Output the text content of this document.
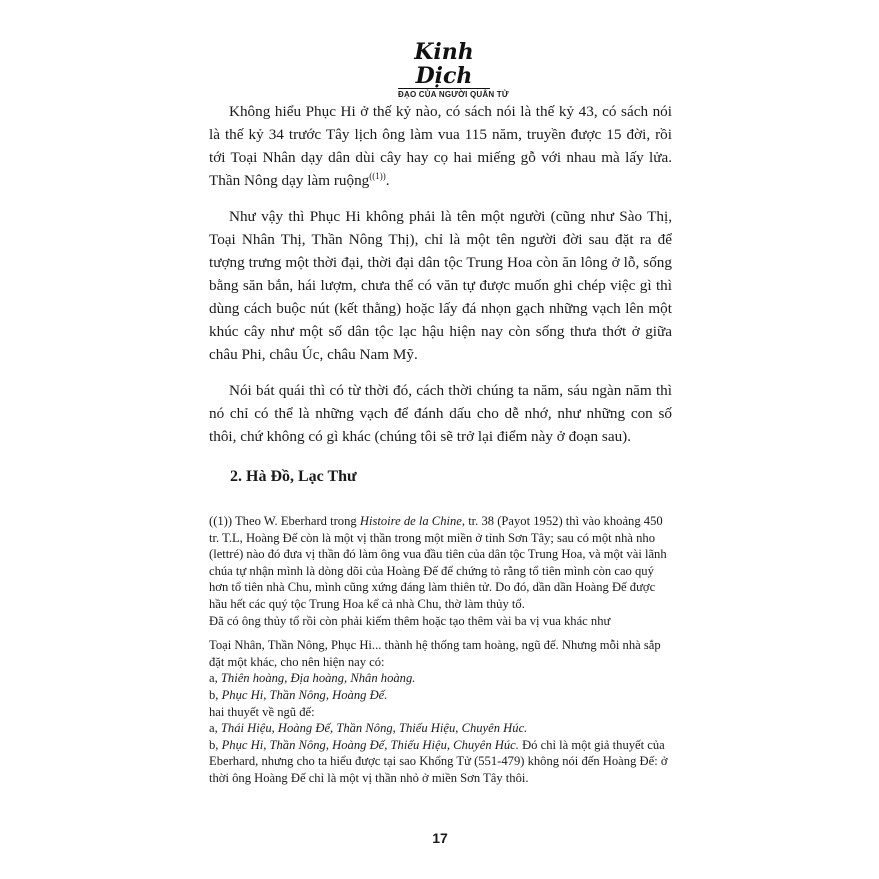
Kinh Dịch
ĐẠO CỦA NGƯỜI QUÂN TỬ

Không hiểu Phục Hi ở thế kỷ nào, có sách nói là thế kỷ 43, có sách nói là thế kỷ 34 trước Tây lịch ông làm vua 115 năm, truyền được 15 đời, rồi tới Toại Nhân dạy dân dùi cây hay cọ hai miếng gỗ với nhau mà lấy lửa. Thần Nông dạy làm ruộng$^{((1))}$.

Như vậy thì Phục Hi không phải là tên một người (cũng như Sào Thị, Toại Nhân Thị, Thần Nông Thị), chỉ là một tên người đời sau đặt ra để tượng trưng một thời đại, thời đại dân tộc Trung Hoa còn ăn lông ở lỗ, sống bằng săn bắn, hái lượm, chưa thể có văn tự được muốn ghi chép việc gì thì dùng cách buộc nút (kết thằng) hoặc lấy đá nhọn gạch những vạch lên một khúc cây như một số dân tộc lạc hậu hiện nay còn sống thưa thớt ở giữa châu Phi, châu Úc, châu Nam Mỹ.

Nói bát quái thì có từ thời đó, cách thời chúng ta năm, sáu ngàn năm thì nó chỉ có thể là những vạch để đánh dấu cho dễ nhớ, như những con số thôi, chứ không có gì khác (chúng tôi sẽ trở lại điểm này ở đoạn sau).

2. Hà Đồ, Lạc Thư

((1)) Theo W. Eberhard trong Histoire de la Chine, tr. 38 (Payot 1952) thì vào khoảng 450 tr. T.L, Hoàng Đế còn là một vị thần trong một miền ở tỉnh Sơn Tây; sau có một nhà nho (lettré) nào đó đưa vị thần đó làm ông vua đầu tiên của dân tộc Trung Hoa, và một vài lãnh chúa tự nhận mình là dòng dõi của Hoàng Đế để chứng tỏ rằng tổ tiên mình còn cao quý hơn tổ tiên nhà Chu, mình cũng xứng đáng làm thiên tử. Do đó, dần dần Hoàng Đế được hầu hết các quý tộc Trung Hoa kể cả nhà Chu, thờ làm thủy tổ.

Đã có ông thủy tổ rồi còn phải kiếm thêm hoặc tạo thêm vài ba vị vua khác như

Toại Nhân, Thần Nông, Phục Hi... thành hệ thống tam hoàng, ngũ đế. Nhưng mỗi nhà sắp đặt một khác, cho nên hiện nay có:

a, Thiên hoàng, Địa hoàng, Nhân hoàng.

b, Phục Hi, Thần Nông, Hoàng Đế.

hai thuyết về ngũ đế:

a, Thái Hiệu, Hoàng Đế, Thần Nông, Thiếu Hiệu, Chuyên Húc.

b, Phục Hi, Thần Nông, Hoàng Đế, Thiếu Hiệu, Chuyên Húc. Đó chỉ là một giả thuyết của Eberhard, nhưng cho ta hiểu được tại sao Khổng Tử (551-479) không nói đến Hoàng Đế: ở thời ông Hoàng Đế chỉ là một vị thần nhỏ ở miền Sơn Tây thôi.

17
